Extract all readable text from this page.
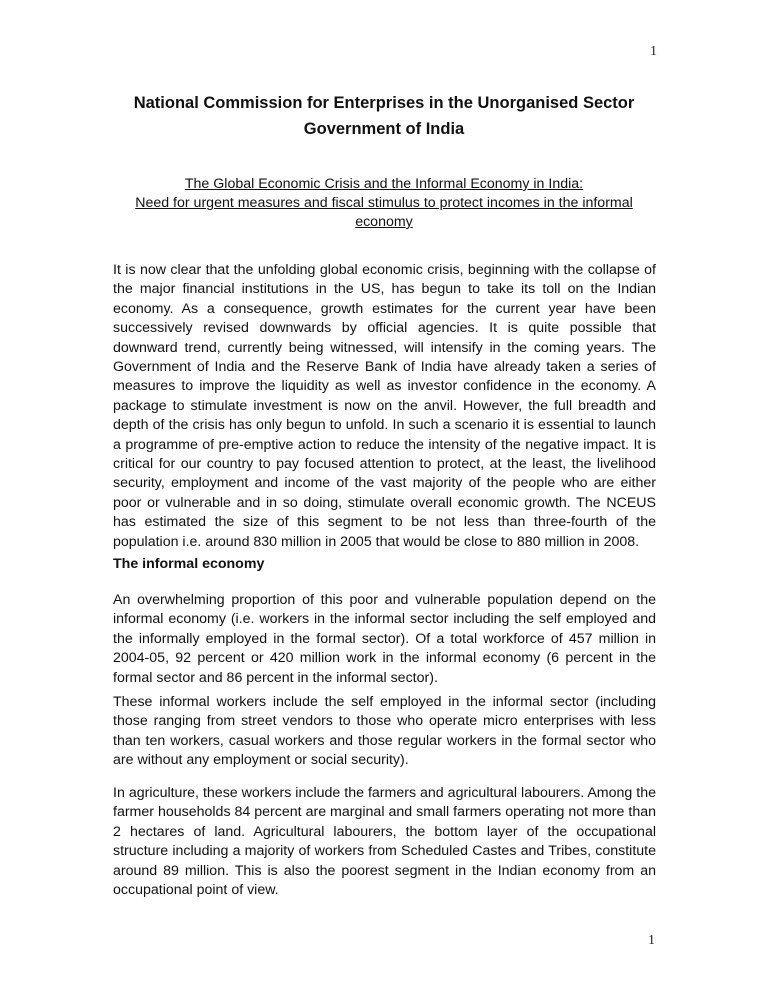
1
National Commission for Enterprises in the Unorganised Sector
Government of India
The Global Economic Crisis and the Informal Economy in India:
Need for urgent measures and fiscal stimulus to protect incomes in the informal economy
It is now clear that the unfolding global economic crisis, beginning with the collapse of the major financial institutions in the US, has begun to take its toll on the Indian economy. As a consequence, growth estimates for the current year have been successively revised downwards by official agencies. It is quite possible that downward trend, currently being witnessed, will intensify in the coming years. The Government of India and the Reserve Bank of India have already taken a series of measures to improve the liquidity as well as investor confidence in the economy. A package to stimulate investment is now on the anvil. However, the full breadth and depth of the crisis has only begun to unfold. In such a scenario it is essential to launch a programme of pre-emptive action to reduce the intensity of the negative impact. It is critical for our country to pay focused attention to protect, at the least, the livelihood security, employment and income of the vast majority of the people who are either poor or vulnerable and in so doing, stimulate overall economic growth. The NCEUS has estimated the size of this segment to be not less than three-fourth of the population i.e. around 830 million in 2005 that would be close to 880 million in 2008.
The informal economy
An overwhelming proportion of this poor and vulnerable population depend on the informal economy (i.e. workers in the informal sector including the self employed and the informally employed in the formal sector). Of a total workforce of 457 million in 2004-05, 92 percent or 420 million work in the informal economy (6 percent in the formal sector and 86 percent in the informal sector).
These informal workers include the self employed in the informal sector (including those ranging from street vendors to those who operate micro enterprises with less than ten workers, casual workers and those regular workers in the formal sector who are without any employment or social security).
In agriculture, these workers include the farmers and agricultural labourers. Among the farmer households 84 percent are marginal and small farmers operating not more than 2 hectares of land. Agricultural labourers, the bottom layer of the occupational structure including a majority of workers from Scheduled Castes and Tribes, constitute around 89 million. This is also the poorest segment in the Indian economy from an occupational point of view.
1
